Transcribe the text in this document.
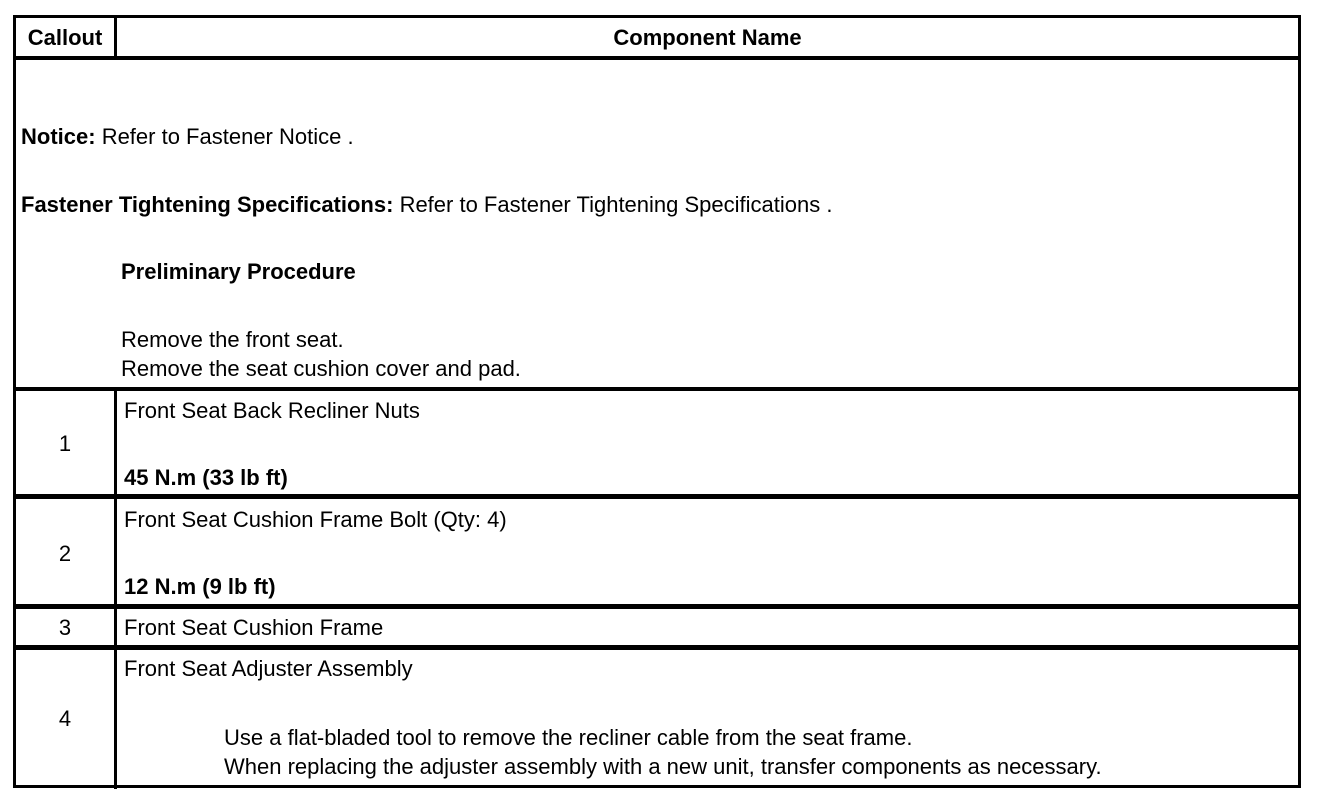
Callout	Component Name
Notice: Refer to Fastener Notice .
Fastener Tightening Specifications: Refer to Fastener Tightening Specifications .
Preliminary Procedure
Remove the front seat.
Remove the seat cushion cover and pad.
1
Front Seat Back Recliner Nuts
45 N.m (33 lb ft)
2
Front Seat Cushion Frame Bolt (Qty: 4)
12 N.m (9 lb ft)
3	Front Seat Cushion Frame
4
Front Seat Adjuster Assembly
Use a flat-bladed tool to remove the recliner cable from the seat frame.
When replacing the adjuster assembly with a new unit, transfer components as necessary.
